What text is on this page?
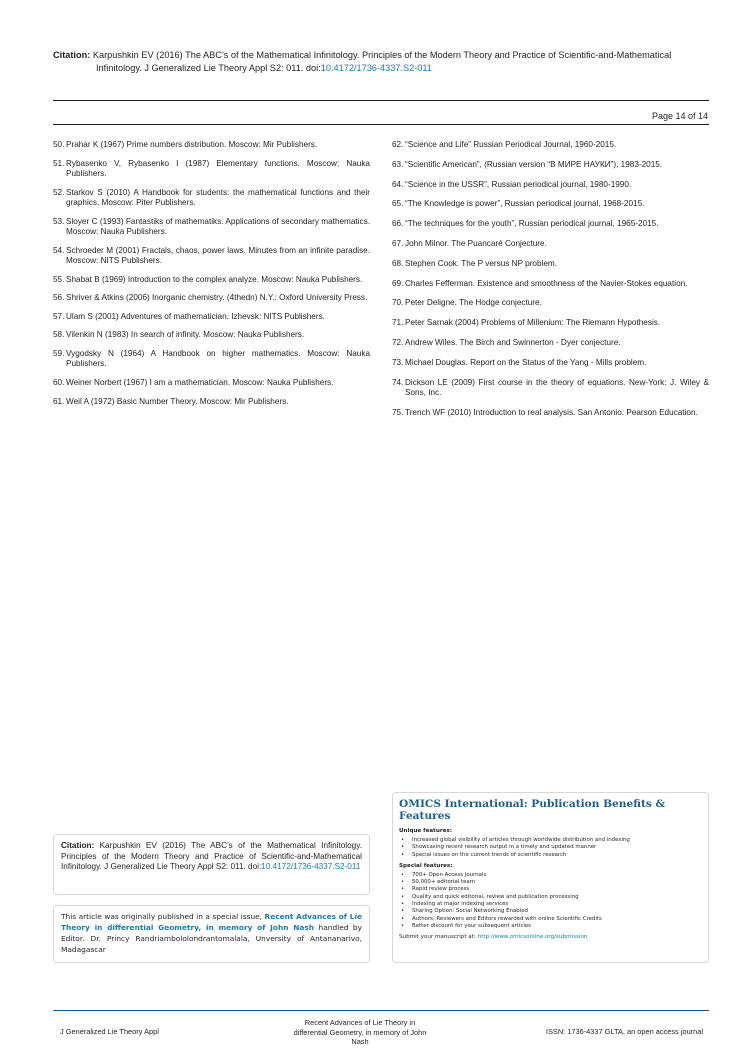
Citation: Karpushkin EV (2016) The ABC’s of the Mathematical Infinitology. Principles of the Modern Theory and Practice of Scientific-and-Mathematical
Infinitology. J Generalized Lie Theory Appl S2: 011. doi:10.4172/1736-4337.S2-011
Page 14 of 14
50. Prahar K (1967) Prime numbers distribution. Moscow: Mir Publishers.
51. Rybasenko V, Rybasenko I (1987) Elementary functions. Moscow: Nauka Publishers.
52. Starkov S (2010) A Handbook for students: the mathematical functions and their graphics. Moscow: Piter Publishers.
53. Sloyer C (1993) Fantastiks of mathematiks. Applications of secondary mathematics. Moscow: Nauka Publishers.
54. Schroeder M (2001) Fractals, chaos, power laws. Minutes from an infinite paradise. Moscow: NITS Publishers.
55. Shabat B (1969) Introduction to the complex analyze. Moscow: Nauka Publishers.
56. Shriver & Atkins (2006) Inorganic chemistry. (4thedn) N.Y.: Oxford University Press.
57. Ulam S (2001) Adventures of mathematician. Izhevsk: NITS Publishers.
58. Vilenkin N (1983) In search of infinity. Moscow: Nauka Publishers.
59. Vygodsky N (1964) A Handbook on higher mathematics. Moscow: Nauka Publishers.
60. Weiner Norbert (1967) I am a mathematician. Moscow: Nauka Publishers.
61. Weil A (1972) Basic Number Theory. Moscow: Mir Publishers.
62. “Science and Life” Russian Periodical Journal, 1960-2015.
63. “Scientific American”, (Russian version “В МИРЕ НАУКИ”), 1983-2015.
64. “Science in the USSR”, Russian periodical journal, 1980-1990.
65. “The Knowledge is power”, Russian periodical journal, 1968-2015.
66. “The techniques for the youth”, Russian periodical journal, 1965-2015.
67. John Milnor. The Puancaré Conjecture.
68. Stephen Cook. The P versus NP problem.
69. Charles Fefferman. Existence and smoothness of the Navier-Stokes equation.
70. Peter Deligne. The Hodge conjecture.
71. Peter Sarnak (2004) Problems of Millenium: The Riemann Hypothesis.
72. Andrew Wiles. The Birch and Swinnerton - Dyer conjecture.
73. Michael Douglas. Report on the Status of the Yang - Mills problem.
74. Dickson LE (2009) First course in the theory of equations. New-York: J. Wiley & Sons, Inc.
75. Trench WF (2010) Introduction to real analysis. San Antonio: Pearson Education.
Citation: Karpushkin EV (2016) The ABC’s of the Mathematical Infinitology. Principles of the Modern Theory and Practice of Scientific-and-Mathematical Infinitology. J Generalized Lie Theory Appl S2: 011. doi:10.4172/1736-4337.S2-011
This article was originally published in a special issue, Recent Advances of Lie Theory in differential Geometry, in memory of John Nash handled by Editor. Dr. Princy Randriambololondrantomalala, Unversity of Antananarivo, Madagascar
OMICS International: Publication Benefits & Features
Unique features:
• Increased global visibility of articles through worldwide distribution and indexing
• Showcasing recent research output in a timely and updated manner
• Special issues on the current trends of scientific research
Special features:
• 700+ Open Access Journals
• 50,000+ editorial team
• Rapid review process
• Quality and quick editorial, review and publication processing
• Indexing at major indexing services
• Sharing Option: Social Networking Enabled
• Authors, Reviewers and Editors rewarded with online Scientific Credits
• Better discount for your subsequent articles
Submit your manuscript at: http://www.omicsonline.org/submission
J Generalized Lie Theory Appl
Recent Advances of Lie Theory in differential Geometry, in memory of John Nash
ISSN: 1736-4337 GLTA, an open access journal
